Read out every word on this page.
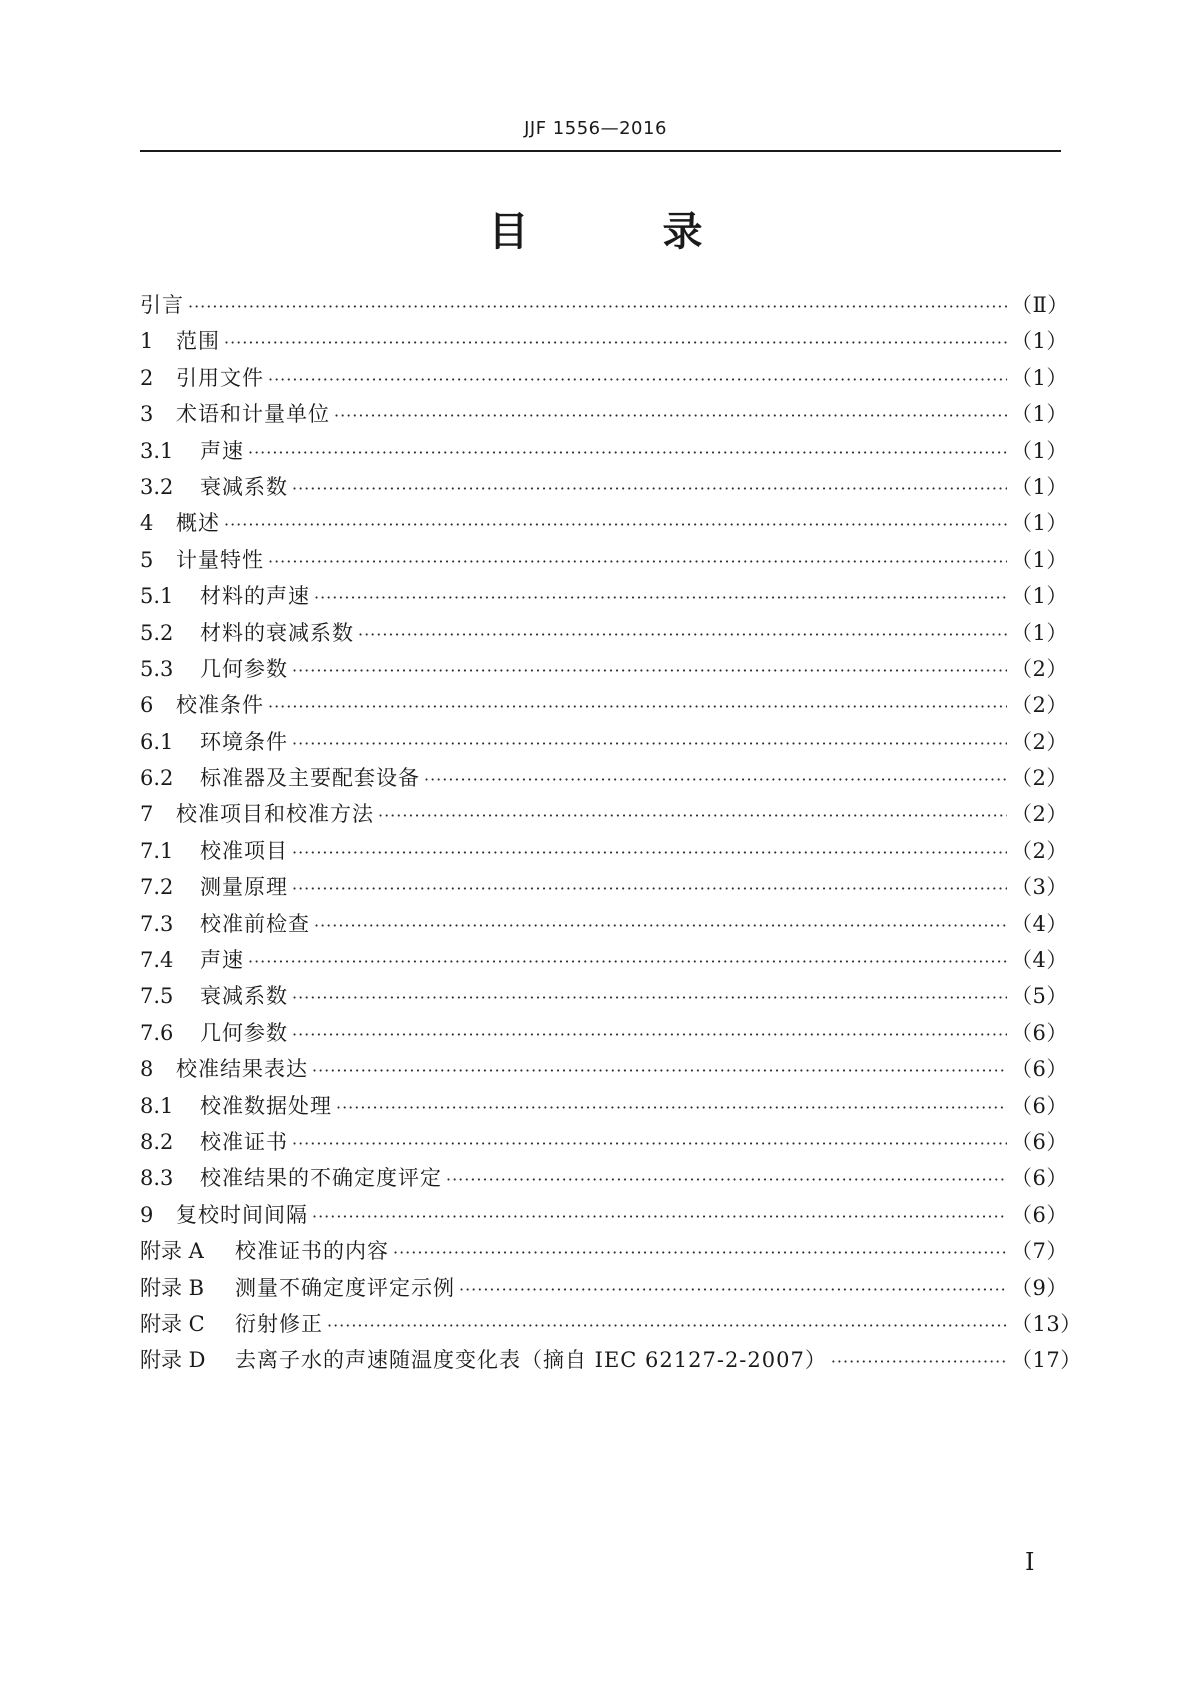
JJF 1556—2016
目 录
引言 ·····	（Ⅱ）
1	范围 ·····	（1）
2	引用文件 ·····	（1）
3	术语和计量单位 ·····	（1）
3.1	声速 ·····	（1）
3.2	衰减系数 ·····	（1）
4	概述 ·····	（1）
5	计量特性 ·····	（1）
5.1	材料的声速 ·····	（1）
5.2	材料的衰减系数 ·····	（1）
5.3	几何参数 ·····	（2）
6	校准条件 ·····	（2）
6.1	环境条件 ·····	（2）
6.2	标准器及主要配套设备 ·····	（2）
7	校准项目和校准方法 ·····	（2）
7.1	校准项目 ·····	（2）
7.2	测量原理 ·····	（3）
7.3	校准前检查 ·····	（4）
7.4	声速 ·····	（4）
7.5	衰减系数 ·····	（5）
7.6	几何参数 ·····	（6）
8	校准结果表达 ·····	（6）
8.1	校准数据处理 ·····	（6）
8.2	校准证书 ·····	（6）
8.3	校准结果的不确定度评定 ·····	（6）
9	复校时间间隔 ·····	（6）
附录 A	校准证书的内容 ·····	（7）
附录 B	测量不确定度评定示例 ·····	（9）
附录 C	衍射修正 ·····	（13）
附录 D	去离子水的声速随温度变化表（摘自 IEC 62127-2-2007） ·····	（17）
Ⅰ
